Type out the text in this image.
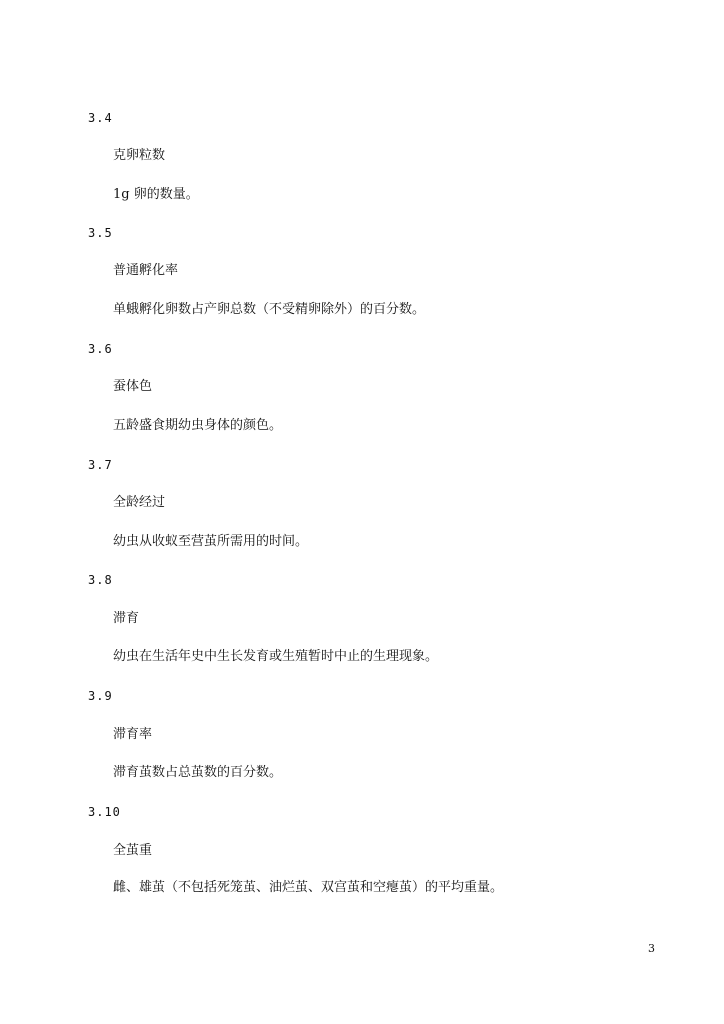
3.4
克卵粒数
1g 卵的数量。
3.5
普通孵化率
单蛾孵化卵数占产卵总数（不受精卵除外）的百分数。
3.6
蚕体色
五龄盛食期幼虫身体的颜色。
3.7
全龄经过
幼虫从收蚁至营茧所需用的时间。
3.8
滞育
幼虫在生活年史中生长发育或生殖暂时中止的生理现象。
3.9
滞育率
滞育茧数占总茧数的百分数。
3.10
全茧重
雌、雄茧（不包括死笼茧、油烂茧、双宫茧和空瘪茧）的平均重量。
3
